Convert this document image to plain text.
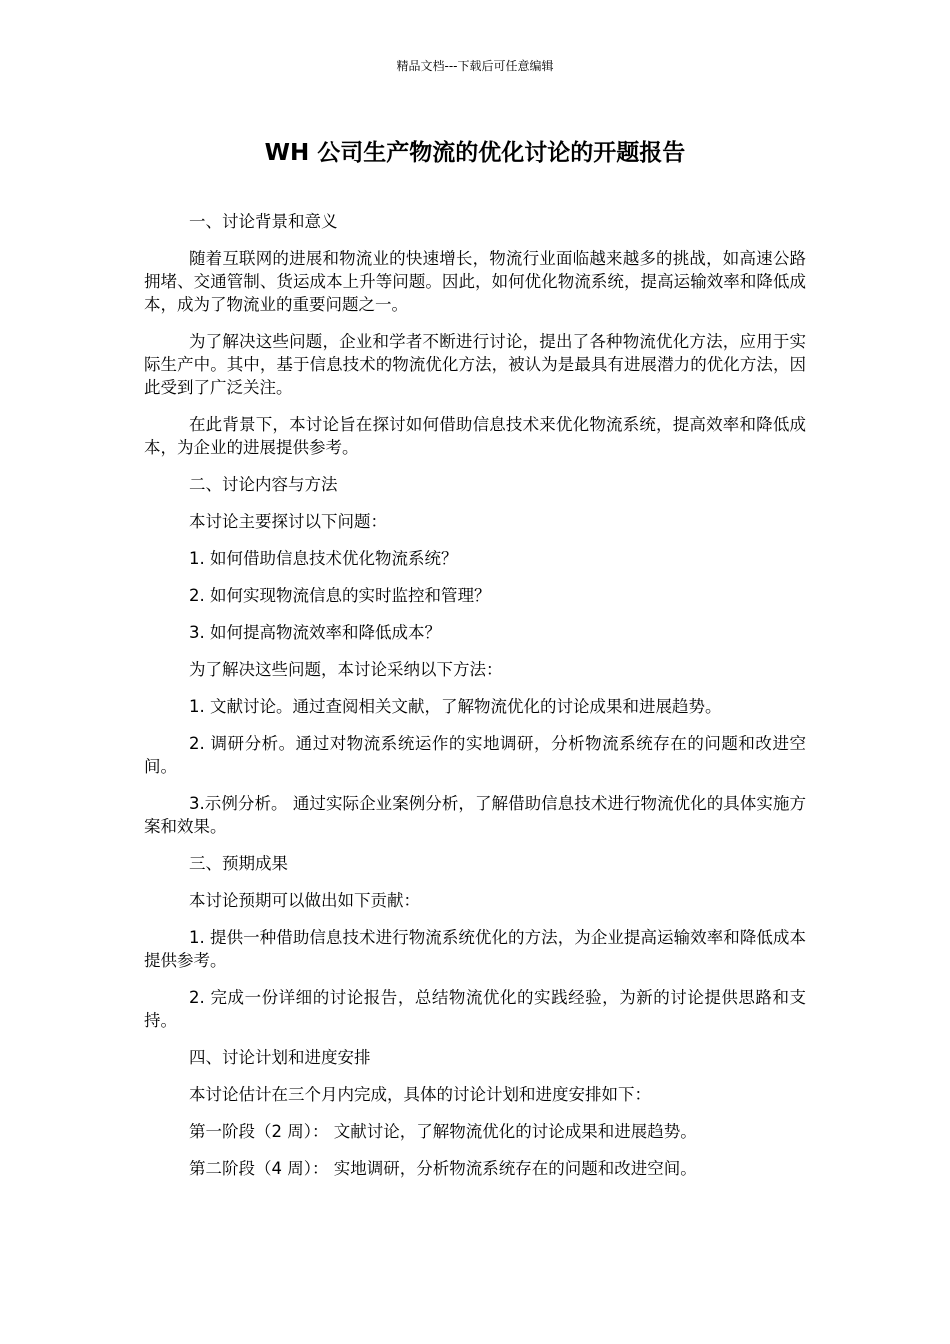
精品文档---下载后可任意编辑
WH 公司生产物流的优化讨论的开题报告

一、讨论背景和意义

随着互联网的进展和物流业的快速增长，物流行业面临越来越多的挑战，如高速公路拥堵、交通管制、货运成本上升等问题。因此，如何优化物流系统，提高运输效率和降低成本，成为了物流业的重要问题之一。

为了解决这些问题，企业和学者不断进行讨论，提出了各种物流优化方法，应用于实际生产中。其中，基于信息技术的物流优化方法，被认为是最具有进展潜力的优化方法，因此受到了广泛关注。

在此背景下，本讨论旨在探讨如何借助信息技术来优化物流系统，提高效率和降低成本，为企业的进展提供参考。

二、讨论内容与方法

本讨论主要探讨以下问题：

1. 如何借助信息技术优化物流系统？

2. 如何实现物流信息的实时监控和管理？

3. 如何提高物流效率和降低成本？

为了解决这些问题，本讨论采纳以下方法：

1. 文献讨论。通过查阅相关文献，了解物流优化的讨论成果和进展趋势。

2. 调研分析。通过对物流系统运作的实地调研，分析物流系统存在的问题和改进空间。

3.示例分析。 通过实际企业案例分析，了解借助信息技术进行物流优化的具体实施方案和效果。

三、预期成果

本讨论预期可以做出如下贡献：

1. 提供一种借助信息技术进行物流系统优化的方法，为企业提高运输效率和降低成本提供参考。

2. 完成一份详细的讨论报告，总结物流优化的实践经验，为新的讨论提供思路和支持。

四、讨论计划和进度安排

本讨论估计在三个月内完成，具体的讨论计划和进度安排如下：

第一阶段（2 周）： 文献讨论，了解物流优化的讨论成果和进展趋势。

第二阶段（4 周）： 实地调研，分析物流系统存在的问题和改进空间。
